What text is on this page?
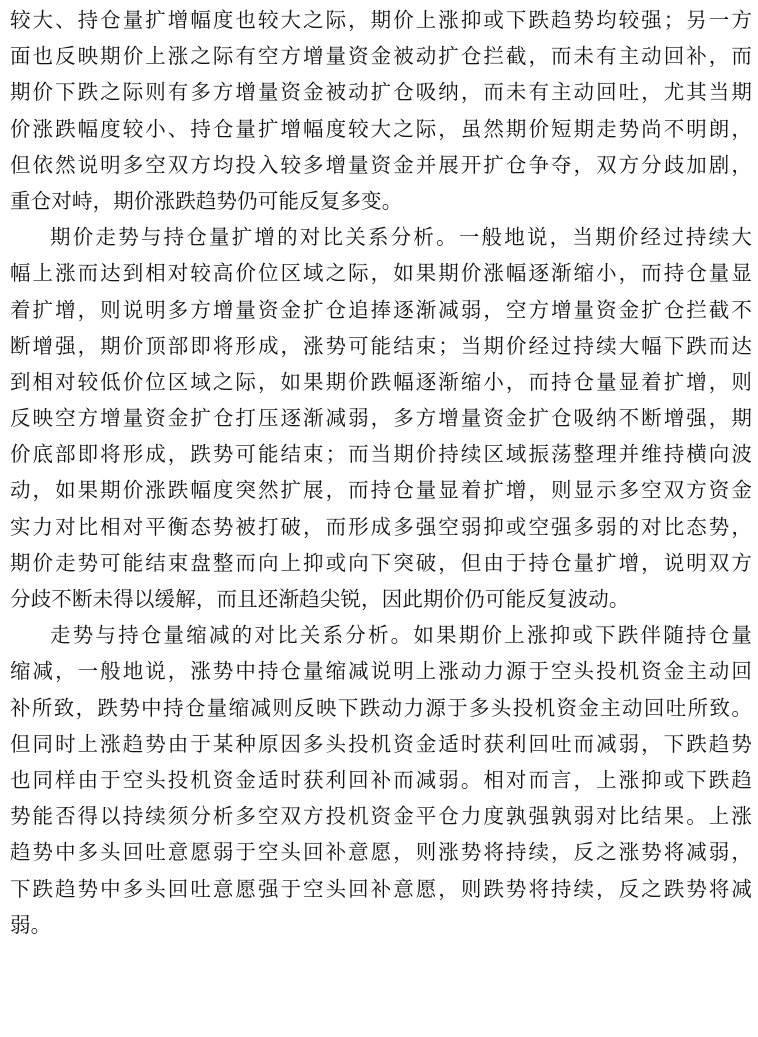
较大、持仓量扩增幅度也较大之际，期价上涨抑或下跌趋势均较强；另一方
面也反映期价上涨之际有空方增量资金被动扩仓拦截，而未有主动回补，而
期价下跌之际则有多方增量资金被动扩仓吸纳，而未有主动回吐，尤其当期
价涨跌幅度较小、持仓量扩增幅度较大之际，虽然期价短期走势尚不明朗，
但依然说明多空双方均投入较多增量资金并展开扩仓争夺，双方分歧加剧，
重仓对峙，期价涨跌趋势仍可能反复多变。
期价走势与持仓量扩增的对比关系分析。一般地说，当期价经过持续大
幅上涨而达到相对较高价位区域之际，如果期价涨幅逐渐缩小，而持仓量显
着扩增，则说明多方增量资金扩仓追捧逐渐减弱，空方增量资金扩仓拦截不
断增强，期价顶部即将形成，涨势可能结束；当期价经过持续大幅下跌而达
到相对较低价位区域之际，如果期价跌幅逐渐缩小，而持仓量显着扩增，则
反映空方增量资金扩仓打压逐渐减弱，多方增量资金扩仓吸纳不断增强，期
价底部即将形成，跌势可能结束；而当期价持续区域振荡整理并维持横向波
动，如果期价涨跌幅度突然扩展，而持仓量显着扩增，则显示多空双方资金
实力对比相对平衡态势被打破，而形成多强空弱抑或空强多弱的对比态势，
期价走势可能结束盘整而向上抑或向下突破，但由于持仓量扩增，说明双方
分歧不断未得以缓解，而且还渐趋尖锐，因此期价仍可能反复波动。
走势与持仓量缩减的对比关系分析。如果期价上涨抑或下跌伴随持仓量
缩减，一般地说，涨势中持仓量缩减说明上涨动力源于空头投机资金主动回
补所致，跌势中持仓量缩减则反映下跌动力源于多头投机资金主动回吐所致。
但同时上涨趋势由于某种原因多头投机资金适时获利回吐而减弱，下跌趋势
也同样由于空头投机资金适时获利回补而减弱。相对而言，上涨抑或下跌趋
势能否得以持续须分析多空双方投机资金平仓力度孰强孰弱对比结果。上涨
趋势中多头回吐意愿弱于空头回补意愿，则涨势将持续，反之涨势将减弱，
下跌趋势中多头回吐意愿强于空头回补意愿，则跌势将持续，反之跌势将减
弱。
